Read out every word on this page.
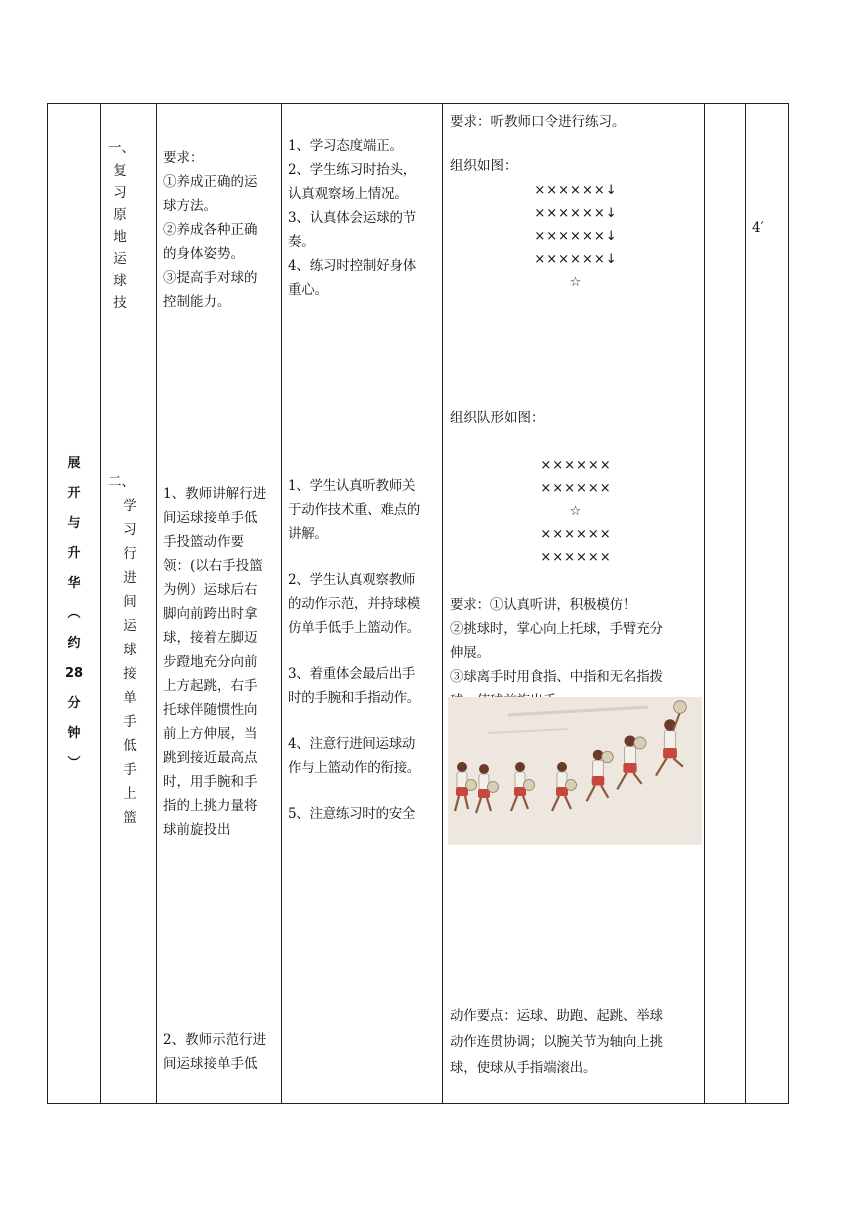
展
开
与
升
华
︵
约
28
分
钟
︶
一、
复
习
原
地
运
球
技
二、
学
习
行
进
间
运
球
接
单
手
低
手
上
篮

要求：
①养成正确的运
球方法。
②养成各种正确
的身体姿势。
③提高手对球的
控制能力。

1、教师讲解行进
间运球接单手低
手投篮动作要
领：(以右手投篮
为例）运球后右
脚向前跨出时拿
球，接着左脚迈
步蹬地充分向前
上方起跳，右手
托球伴随惯性向
前上方伸展，当
跳到接近最高点
时，用手腕和手
指的上挑力量将
球前旋投出

2、教师示范行进
间运球接单手低

1、学习态度端正。
2、学生练习时抬头，
认真观察场上情况。
3、认真体会运球的节
奏。
4、练习时控制好身体
重心。

1、学生认真听教师关
于动作技术重、难点的
讲解。

2、学生认真观察教师
的动作示范，并持球模
仿单手低手上篮动作。

3、着重体会最后出手
时的手腕和手指动作。

4、注意行进间运球动
作与上篮动作的衔接。

5、注意练习时的安全

要求：听教师口令进行练习。

组织如图：

××××××↓
××××××↓
××××××↓
××××××↓
☆

组织队形如图：

××××××
××××××
☆
××××××
××××××

要求：①认真听讲，积极模仿！
②挑球时，掌心向上托球，手臂充分
伸展。
③球离手时用食指、中指和无名指拨

动作要点：运球、助跑、起跳、举球
动作连贯协调；以腕关节为轴向上挑
球，使球从手指端滚出。

4′
